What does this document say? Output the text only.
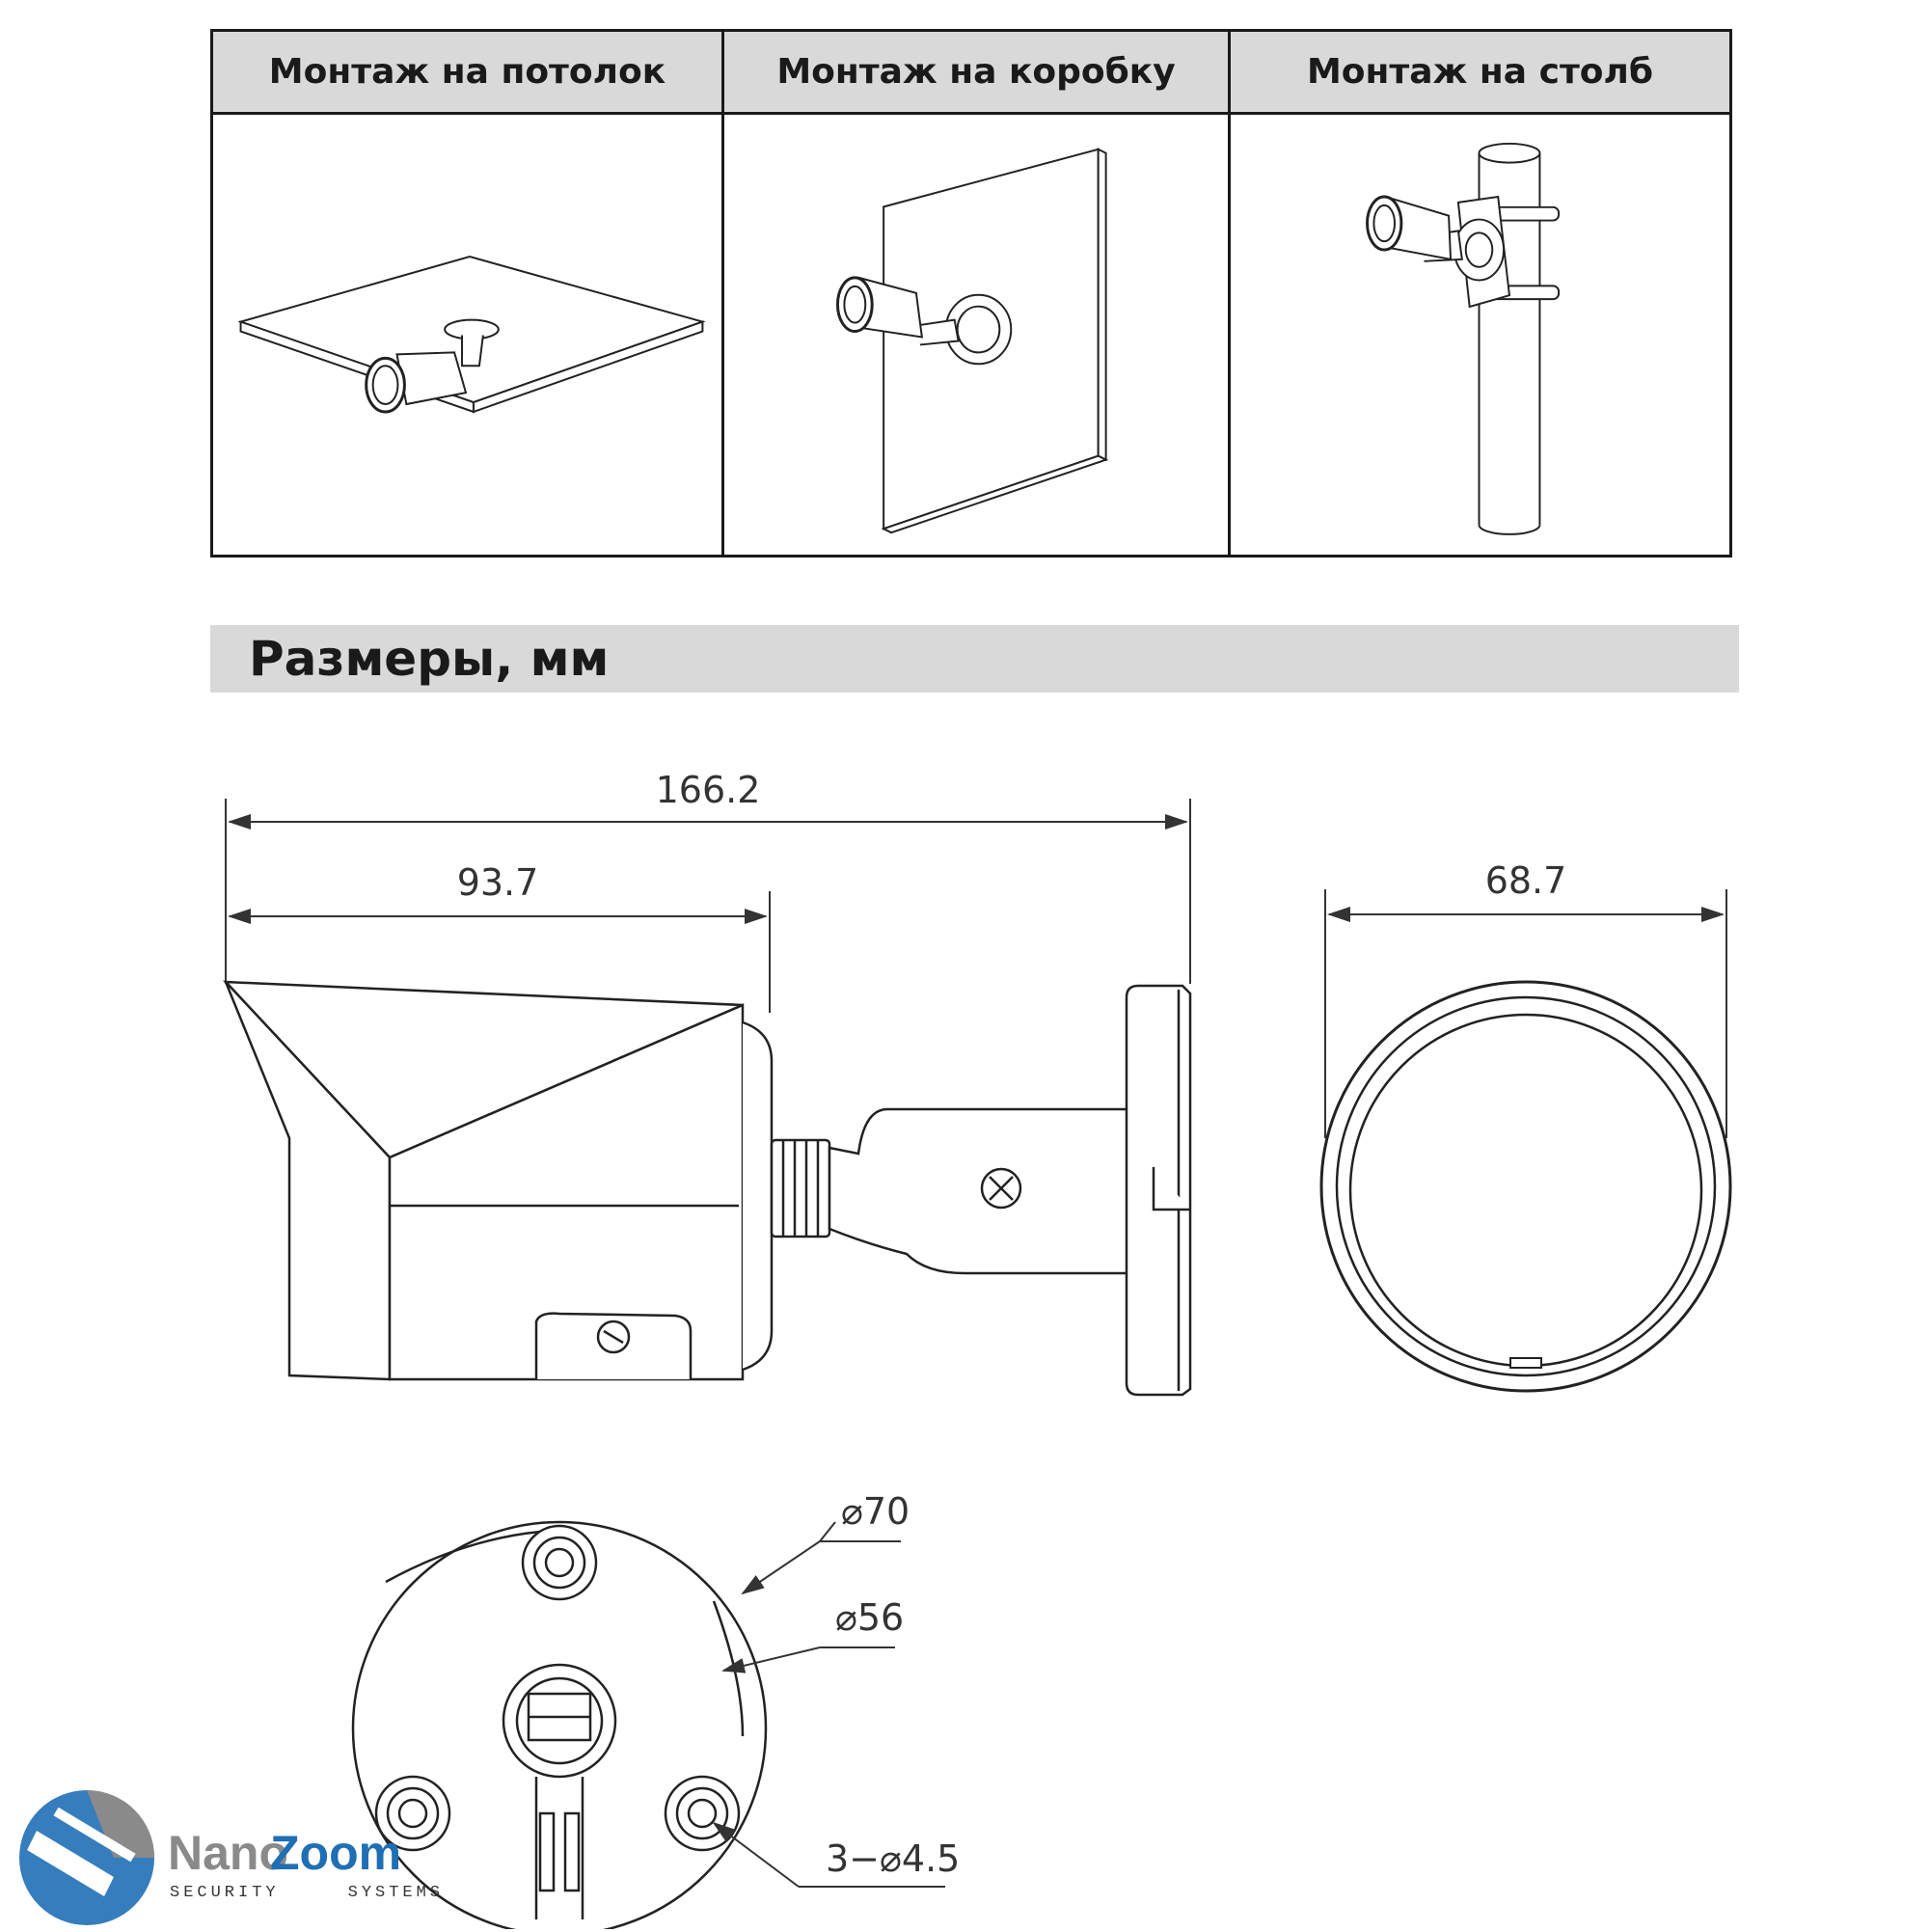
Монтаж на потолок	Монтаж на коробку	Монтаж на столб
Размеры, мм
166.2
93.7	68.7
⌀70
⌀56
3−⌀4.5
Nano
Zoom
SECURITY     SYSTEMS
